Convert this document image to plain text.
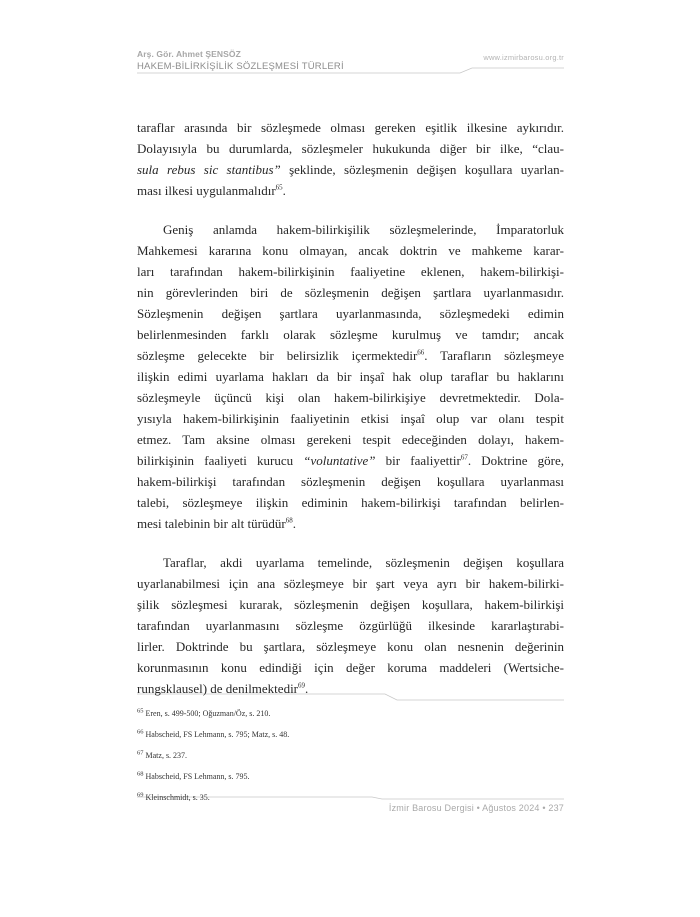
Arş. Gör. Ahmet ŞENSÖZ
HAKEM-BİLİRKİŞİLİK SÖZLEŞMESİ TÜRLERİ
www.izmirbarosu.org.tr

taraflar arasında bir sözleşmede olması gereken eşitlik ilkesine aykırıdır.
Dolayısıyla bu durumlarda, sözleşmeler hukukunda diğer bir ilke, “clau-
sula rebus sic stantibus” şeklinde, sözleşmenin değişen koşullara uyarlan-
ması ilkesi uygulanmalıdır$^{65}$.

Geniş anlamda hakem-bilirkişilik sözleşmelerinde, İmparatorluk
Mahkemesi kararına konu olmayan, ancak doktrin ve mahkeme karar-
ları tarafından hakem-bilirkişinin faaliyetine eklenen, hakem-bilirkişi-
nin görevlerinden biri de sözleşmenin değişen şartlara uyarlanmasıdır.
Sözleşmenin değişen şartlara uyarlanmasında, sözleşmedeki edimin
belirlenmesinden farklı olarak sözleşme kurulmuş ve tamdır; ancak
sözleşme gelecekte bir belirsizlik içermektedir$^{66}$. Tarafların sözleşmeye
ilişkin edimi uyarlama hakları da bir inşaî hak olup taraflar bu haklarını
sözleşmeyle üçüncü kişi olan hakem-bilirkişiye devretmektedir. Dola-
yısıyla hakem-bilirkişinin faaliyetinin etkisi inşaî olup var olanı tespit
etmez. Tam aksine olması gerekeni tespit edeceğinden dolayı, hakem-
bilirkişinin faaliyeti kurucu “voluntative” bir faaliyettir$^{67}$. Doktrine göre,
hakem-bilirkişi tarafından sözleşmenin değişen koşullara uyarlanması
talebi, sözleşmeye ilişkin ediminin hakem-bilirkişi tarafından belirlen-
mesi talebinin bir alt türüdür$^{68}$.

Taraflar, akdi uyarlama temelinde, sözleşmenin değişen koşullara
uyarlanabilmesi için ana sözleşmeye bir şart veya ayrı bir hakem-bilirki-
şilik sözleşmesi kurarak, sözleşmenin değişen koşullara, hakem-bilirkişi
tarafından uyarlanmasını sözleşme özgürlüğü ilkesinde kararlaştırabi-
lirler. Doktrinde bu şartlara, sözleşmeye konu olan nesnenin değerinin
korunmasının konu edindiği için değer koruma maddeleri (Wertsiche-
rungsklausel) de denilmektedir$^{69}$.

$^{65}$ Eren, s. 499-500; Oğuzman/Öz, s. 210.
$^{66}$ Habscheid, FS Lehmann, s. 795; Matz, s. 48.
$^{67}$ Matz, s. 237.
$^{68}$ Habscheid, FS Lehmann, s. 795.
$^{69}$ Kleinschmidt, s. 35.
İzmir Barosu Dergisi • Ağustos 2024 • 237
